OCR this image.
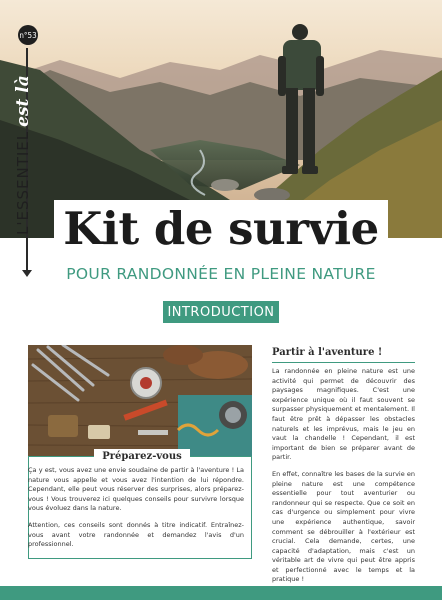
n°53
L'ESSENTIEL
est là
Kit de survie
POUR RANDONNÉE EN PLEINE NATURE
INTRODUCTION
Préparez-vous

Ça y est, vous avez une envie soudaine de partir à l'aventure ! La nature vous appelle et vous avez l'intention de lui répondre. Cependant, elle peut vous réserver des surprises, alors préparez-vous ! Vous trouverez ici quelques conseils pour survivre lorsque vous évoluez dans la nature.

Attention, ces conseils sont donnés à titre indicatif. Entraînez-vous avant votre randonnée et demandez l'avis d'un professionnel.

Partir à l'aventure !

La randonnée en pleine nature est une activité qui permet de découvrir des paysages magnifiques. C'est une expérience unique où il faut souvent se surpasser physiquement et mentalement. Il faut être prêt à dépasser les obstacles naturels et les imprévus, mais le jeu en vaut la chandelle ! Cependant, il est important de bien se préparer avant de partir.

En effet, connaître les bases de la survie en pleine nature est une compétence essentielle pour tout aventurier ou randonneur qui se respecte. Que ce soit en cas d'urgence ou simplement pour vivre une expérience authentique, savoir comment se débrouiller à l'extérieur est crucial. Cela demande, certes, une capacité d'adaptation, mais c'est un véritable art de vivre qui peut être appris et perfectionné avec le temps et la pratique !
